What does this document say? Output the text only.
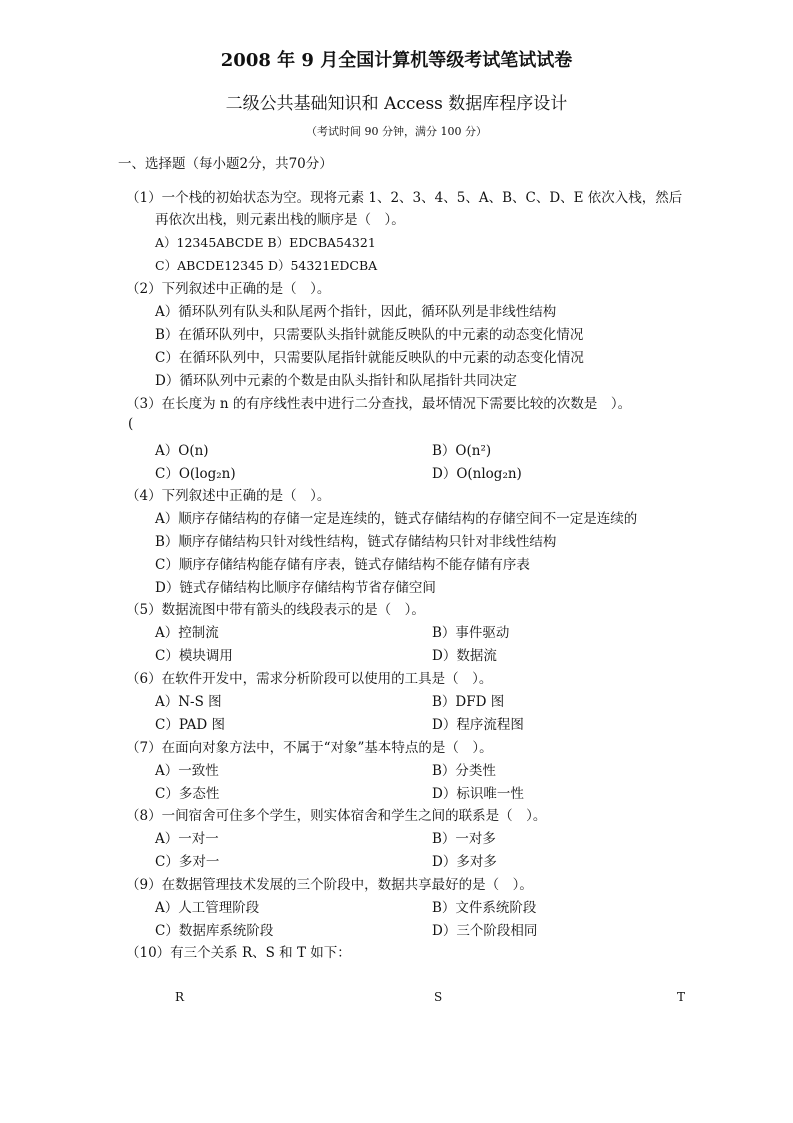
2008 年 9 月全国计算机等级考试笔试试卷
二级公共基础知识和 Access 数据库程序设计
（考试时间 90 分钟，满分 100 分）
一、选择题（每小题2分，共70分）
（1）一个栈的初始状态为空。现将元素 1、2、3、4、5、A、B、C、D、E 依次入栈，然后
再依次出栈，则元素出栈的顺序是（　）。
A）12345ABCDE B）EDCBA54321
C）ABCDE12345 D）54321EDCBA
（2）下列叙述中正确的是（　）。
A）循环队列有队头和队尾两个指针，因此，循环队列是非线性结构
B）在循环队列中，只需要队头指针就能反映队的中元素的动态变化情况
C）在循环队列中，只需要队尾指针就能反映队的中元素的动态变化情况
D）循环队列中元素的个数是由队头指针和队尾指针共同决定
（3）在长度为 n 的有序线性表中进行二分查找，最坏情况下需要比较的次数是　）。
(
A）O(n)	B）O(n²)
C）O(log₂n)	D）O(nlog₂n)
（4）下列叙述中正确的是（　）。
A）顺序存储结构的存储一定是连续的，链式存储结构的存储空间不一定是连续的
B）顺序存储结构只针对线性结构，链式存储结构只针对非线性结构
C）顺序存储结构能存储有序表，链式存储结构不能存储有序表
D）链式存储结构比顺序存储结构节省存储空间
（5）数据流图中带有箭头的线段表示的是（　）。
A）控制流	B）事件驱动
C）模块调用	D）数据流
（6）在软件开发中，需求分析阶段可以使用的工具是（　）。
A）N-S 图	B）DFD 图
C）PAD 图	D）程序流程图
（7）在面向对象方法中，不属于“对象”基本特点的是（　）。
A）一致性	B）分类性
C）多态性	D）标识唯一性
（8）一间宿舍可住多个学生，则实体宿舍和学生之间的联系是（　）。
A）一对一	B）一对多
C）多对一	D）多对多
（9）在数据管理技术发展的三个阶段中，数据共享最好的是（　）。
A）人工管理阶段	B）文件系统阶段
C）数据库系统阶段	D）三个阶段相同
（10）有三个关系 R、S 和 T 如下：
R	S	T
